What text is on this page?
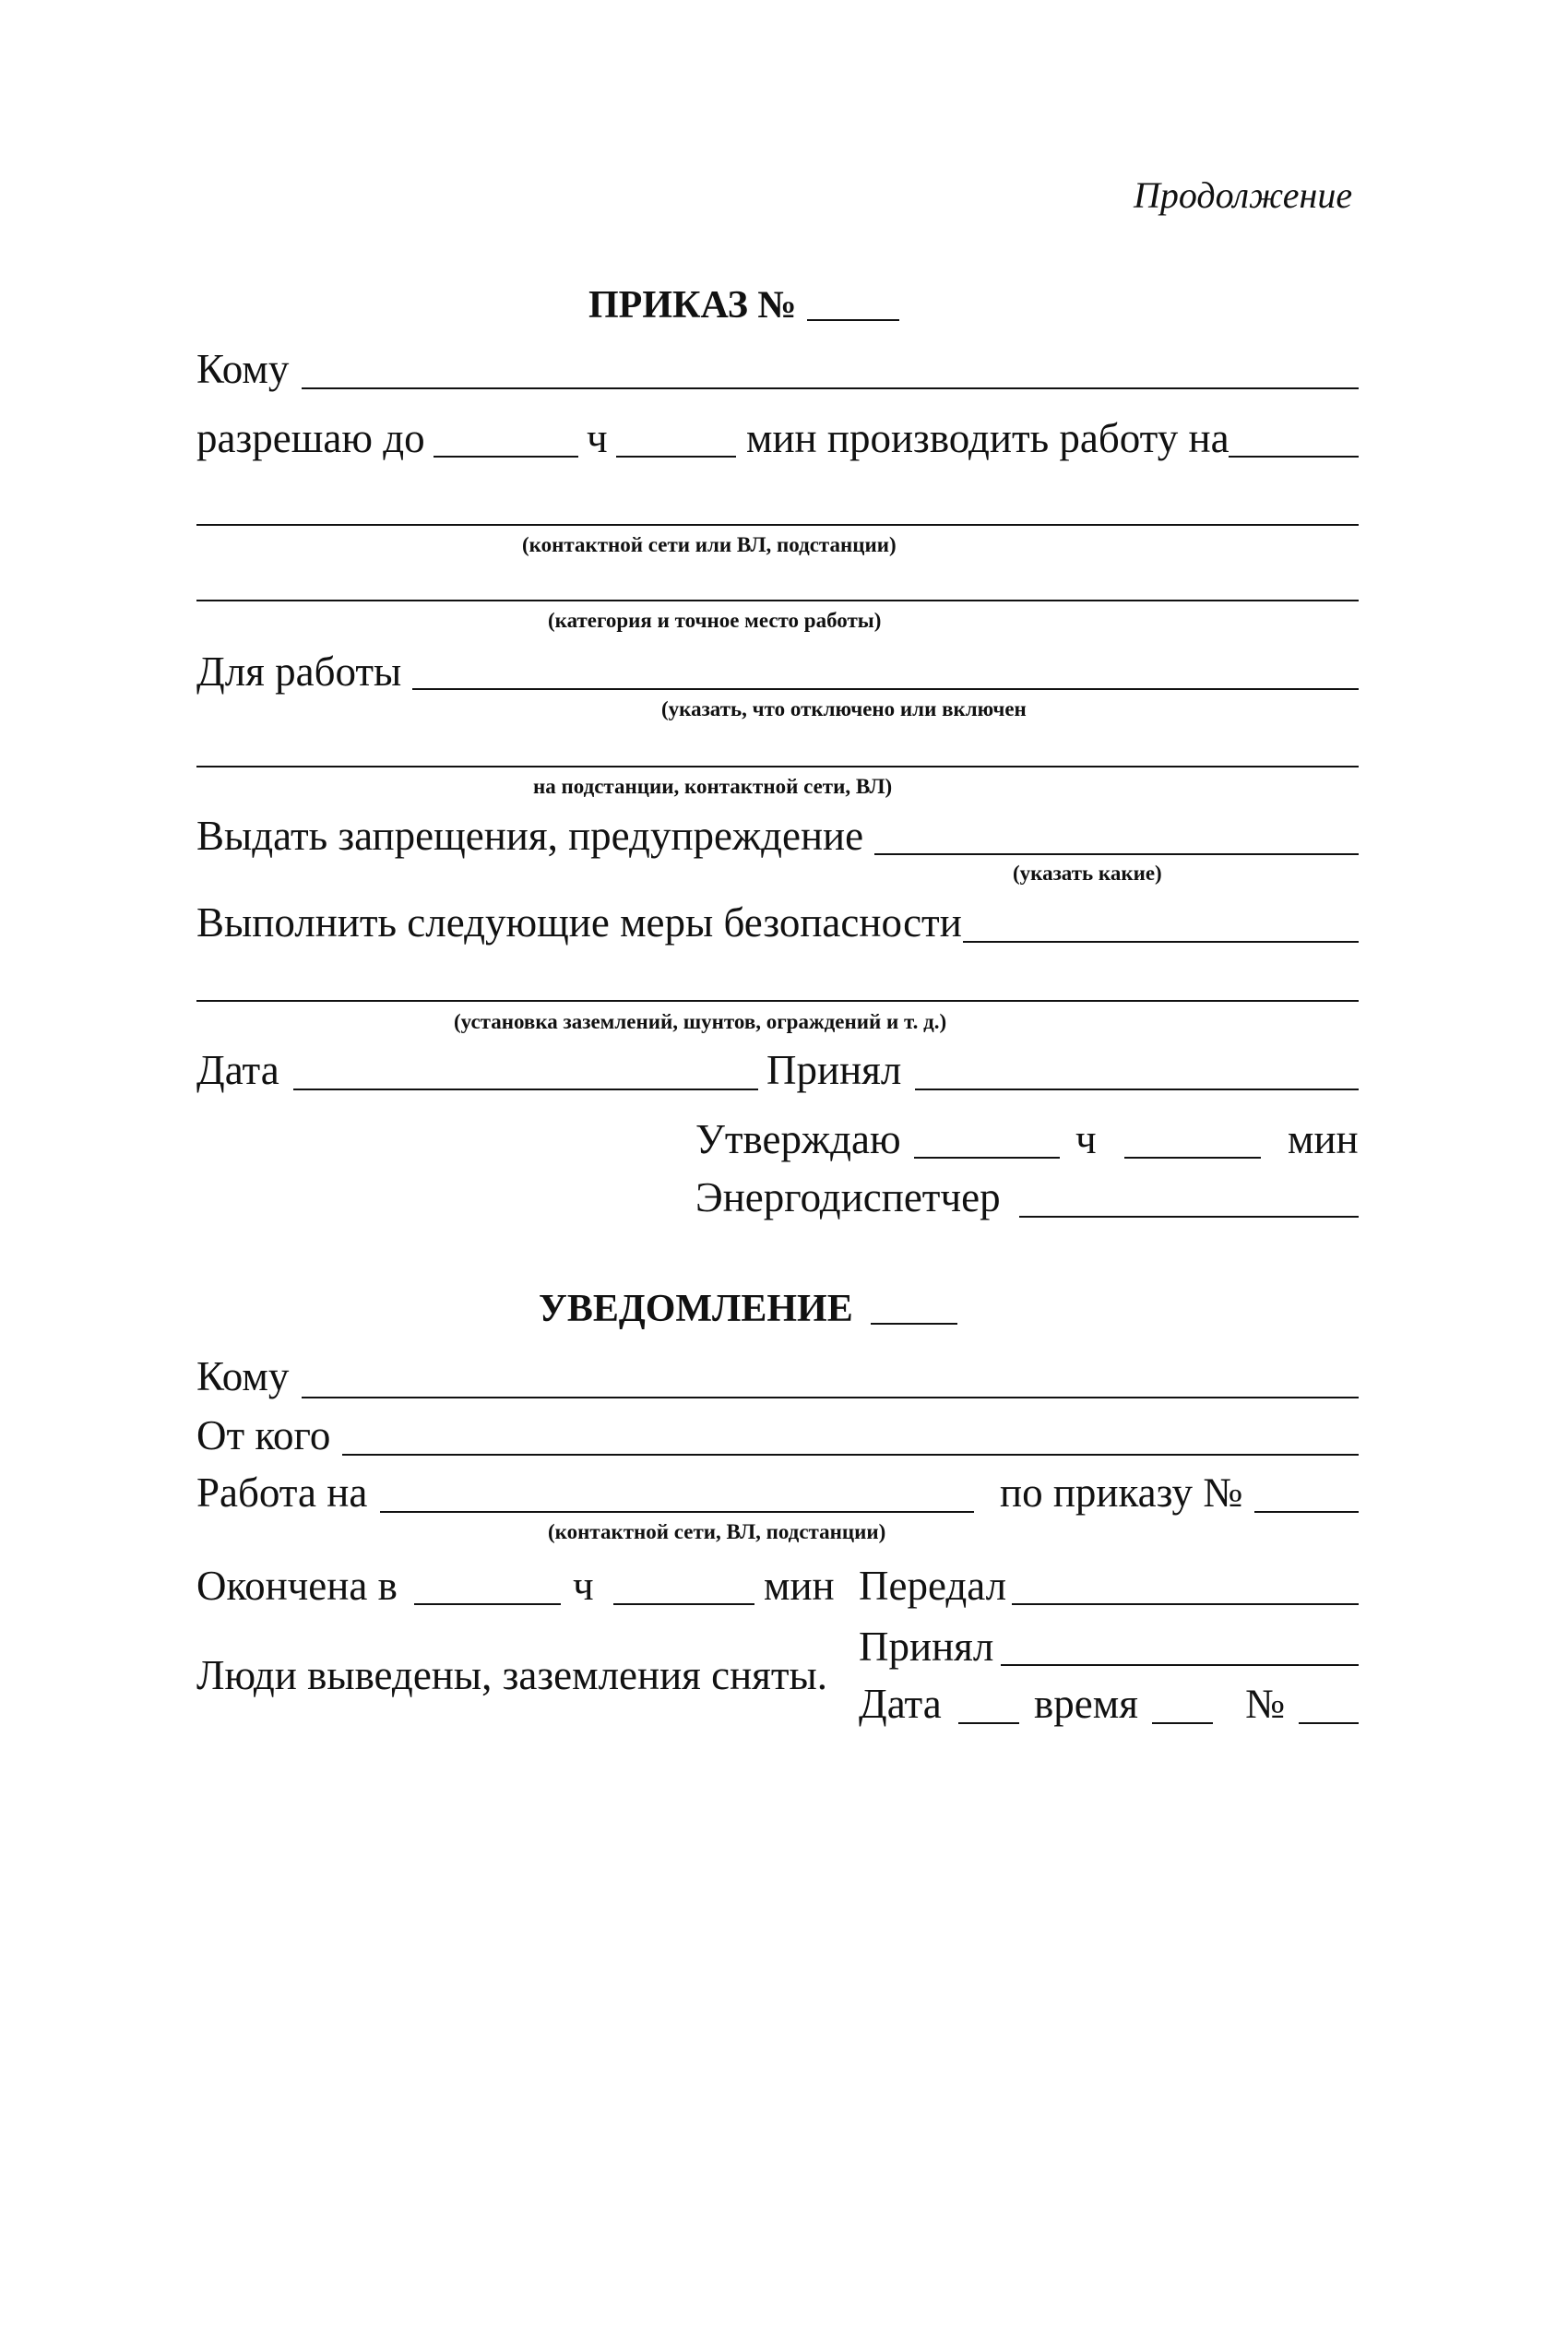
Продолжение
ПРИКАЗ №
Кому
разрешаю до	ч	мин производить работу на
(контактной сети или ВЛ, подстанции)
(категория и точное место работы)
Для работы
(указать, что отключено или включен
на подстанции, контактной сети, ВЛ)
Выдать запрещения, предупреждение
(указать какие)
Выполнить следующие меры безопасности
(установка заземлений, шунтов, ограждений и т. д.)
Дата	Принял
Утверждаю	ч	мин
Энергодиспетчер
УВЕДОМЛЕНИЕ
Кому
От кого
Работа на	по приказу №
(контактной сети, ВЛ, подстанции)
Окончена в	ч	мин Передал
Принял
Люди выведены, заземления сняты.
Дата время	№
